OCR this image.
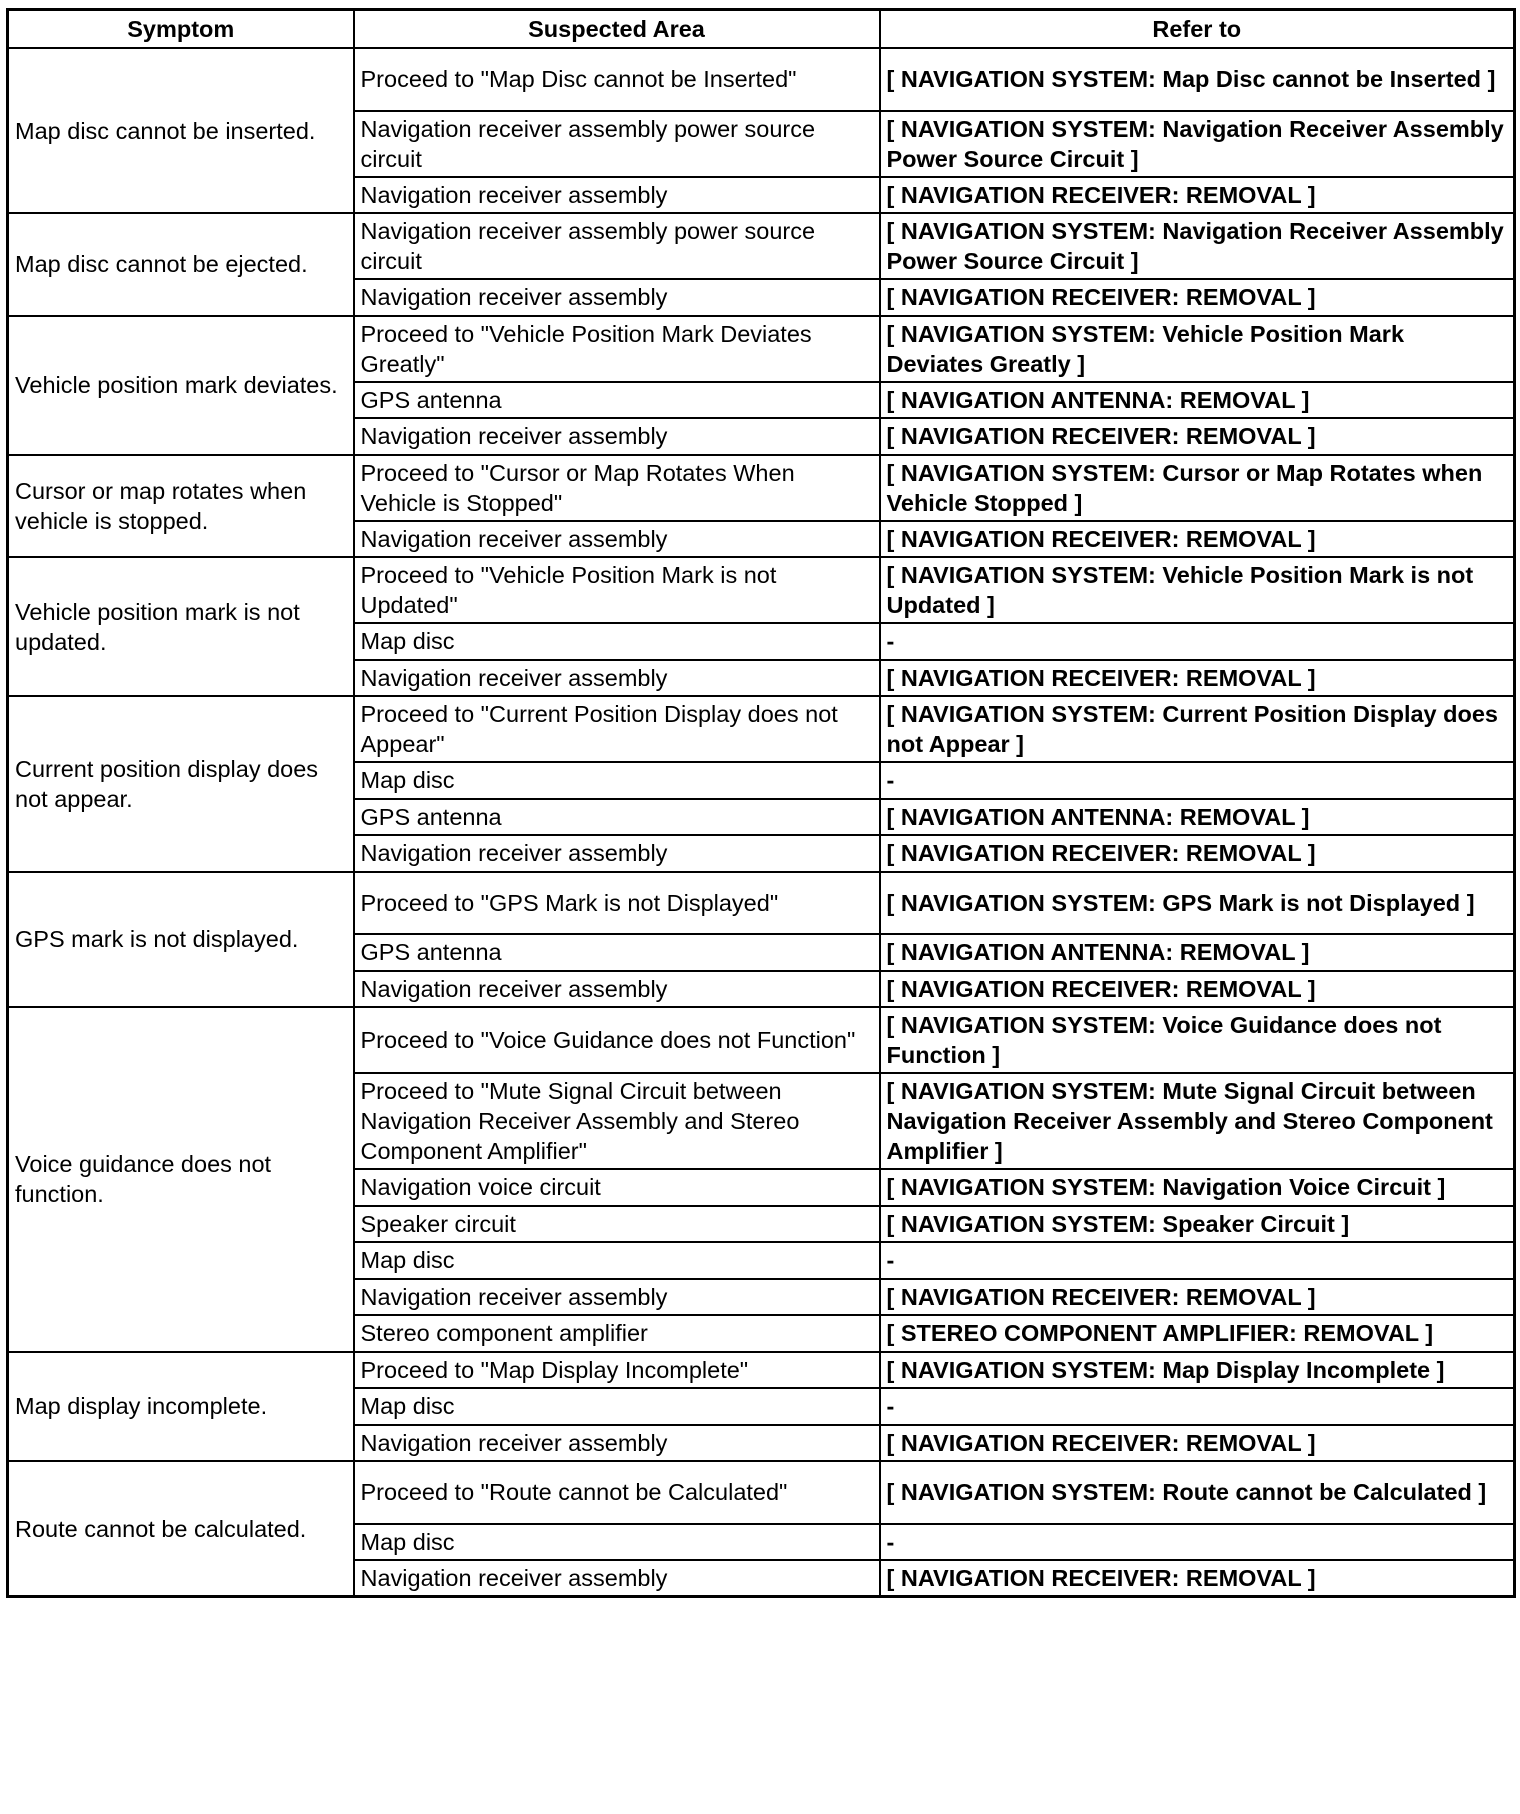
Symptom	Suspected Area	Refer to
Map disc cannot be inserted.	Proceed to "Map Disc cannot be Inserted"	[ NAVIGATION SYSTEM: Map Disc cannot be Inserted ]
	Navigation receiver assembly power source circuit	[ NAVIGATION SYSTEM: Navigation Receiver Assembly Power Source Circuit ]
	Navigation receiver assembly	[ NAVIGATION RECEIVER: REMOVAL ]
Map disc cannot be ejected.	Navigation receiver assembly power source circuit	[ NAVIGATION SYSTEM: Navigation Receiver Assembly Power Source Circuit ]
	Navigation receiver assembly	[ NAVIGATION RECEIVER: REMOVAL ]
Vehicle position mark deviates.	Proceed to "Vehicle Position Mark Deviates Greatly"	[ NAVIGATION SYSTEM: Vehicle Position Mark Deviates Greatly ]
	GPS antenna	[ NAVIGATION ANTENNA: REMOVAL ]
	Navigation receiver assembly	[ NAVIGATION RECEIVER: REMOVAL ]
Cursor or map rotates when vehicle is stopped.	Proceed to "Cursor or Map Rotates When Vehicle is Stopped"	[ NAVIGATION SYSTEM: Cursor or Map Rotates when Vehicle Stopped ]
	Navigation receiver assembly	[ NAVIGATION RECEIVER: REMOVAL ]
Vehicle position mark is not updated.	Proceed to "Vehicle Position Mark is not Updated"	[ NAVIGATION SYSTEM: Vehicle Position Mark is not Updated ]
	Map disc	-
	Navigation receiver assembly	[ NAVIGATION RECEIVER: REMOVAL ]
Current position display does not appear.	Proceed to "Current Position Display does not Appear"	[ NAVIGATION SYSTEM: Current Position Display does not Appear ]
	Map disc	-
	GPS antenna	[ NAVIGATION ANTENNA: REMOVAL ]
	Navigation receiver assembly	[ NAVIGATION RECEIVER: REMOVAL ]
GPS mark is not displayed.	Proceed to "GPS Mark is not Displayed"	[ NAVIGATION SYSTEM: GPS Mark is not Displayed ]
	GPS antenna	[ NAVIGATION ANTENNA: REMOVAL ]
	Navigation receiver assembly	[ NAVIGATION RECEIVER: REMOVAL ]
Voice guidance does not function.	Proceed to "Voice Guidance does not Function"	[ NAVIGATION SYSTEM: Voice Guidance does not Function ]
	Proceed to "Mute Signal Circuit between Navigation Receiver Assembly and Stereo Component Amplifier"	[ NAVIGATION SYSTEM: Mute Signal Circuit between Navigation Receiver Assembly and Stereo Component Amplifier ]
	Navigation voice circuit	[ NAVIGATION SYSTEM: Navigation Voice Circuit ]
	Speaker circuit	[ NAVIGATION SYSTEM: Speaker Circuit ]
	Map disc	-
	Navigation receiver assembly	[ NAVIGATION RECEIVER: REMOVAL ]
	Stereo component amplifier	[ STEREO COMPONENT AMPLIFIER: REMOVAL ]
Map display incomplete.	Proceed to "Map Display Incomplete"	[ NAVIGATION SYSTEM: Map Display Incomplete ]
	Map disc	-
	Navigation receiver assembly	[ NAVIGATION RECEIVER: REMOVAL ]
Route cannot be calculated.	Proceed to "Route cannot be Calculated"	[ NAVIGATION SYSTEM: Route cannot be Calculated ]
	Map disc	-
	Navigation receiver assembly	[ NAVIGATION RECEIVER: REMOVAL ]
